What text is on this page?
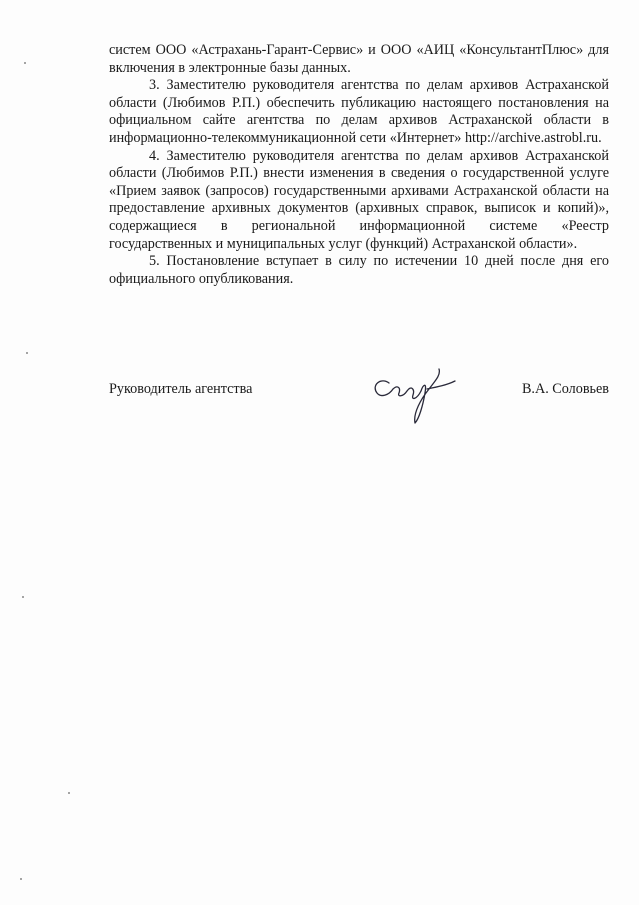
систем ООО «Астрахань-Гарант-Сервис» и ООО «АИЦ «КонсультантПлюс» для включения в электронные базы данных.

3. Заместителю руководителя агентства по делам архивов Астраханской области (Любимов Р.П.) обеспечить публикацию настоящего постановления на официальном сайте агентства по делам архивов Астраханской области в информационно-телекоммуникационной сети «Интернет» http://archive.astrobl.ru.

4. Заместителю руководителя агентства по делам архивов Астраханской области (Любимов Р.П.) внести изменения в сведения о государственной услуге «Прием заявок (запросов) государственными архивами Астраханской области на предоставление архивных документов (архивных справок, выписок и копий)», содержащиеся в региональной информационной системе «Реестр государственных и муниципальных услуг (функций) Астраханской области».

5. Постановление вступает в силу по истечении 10 дней после дня его официального опубликования.

Руководитель агентства	В.А. Соловьев
